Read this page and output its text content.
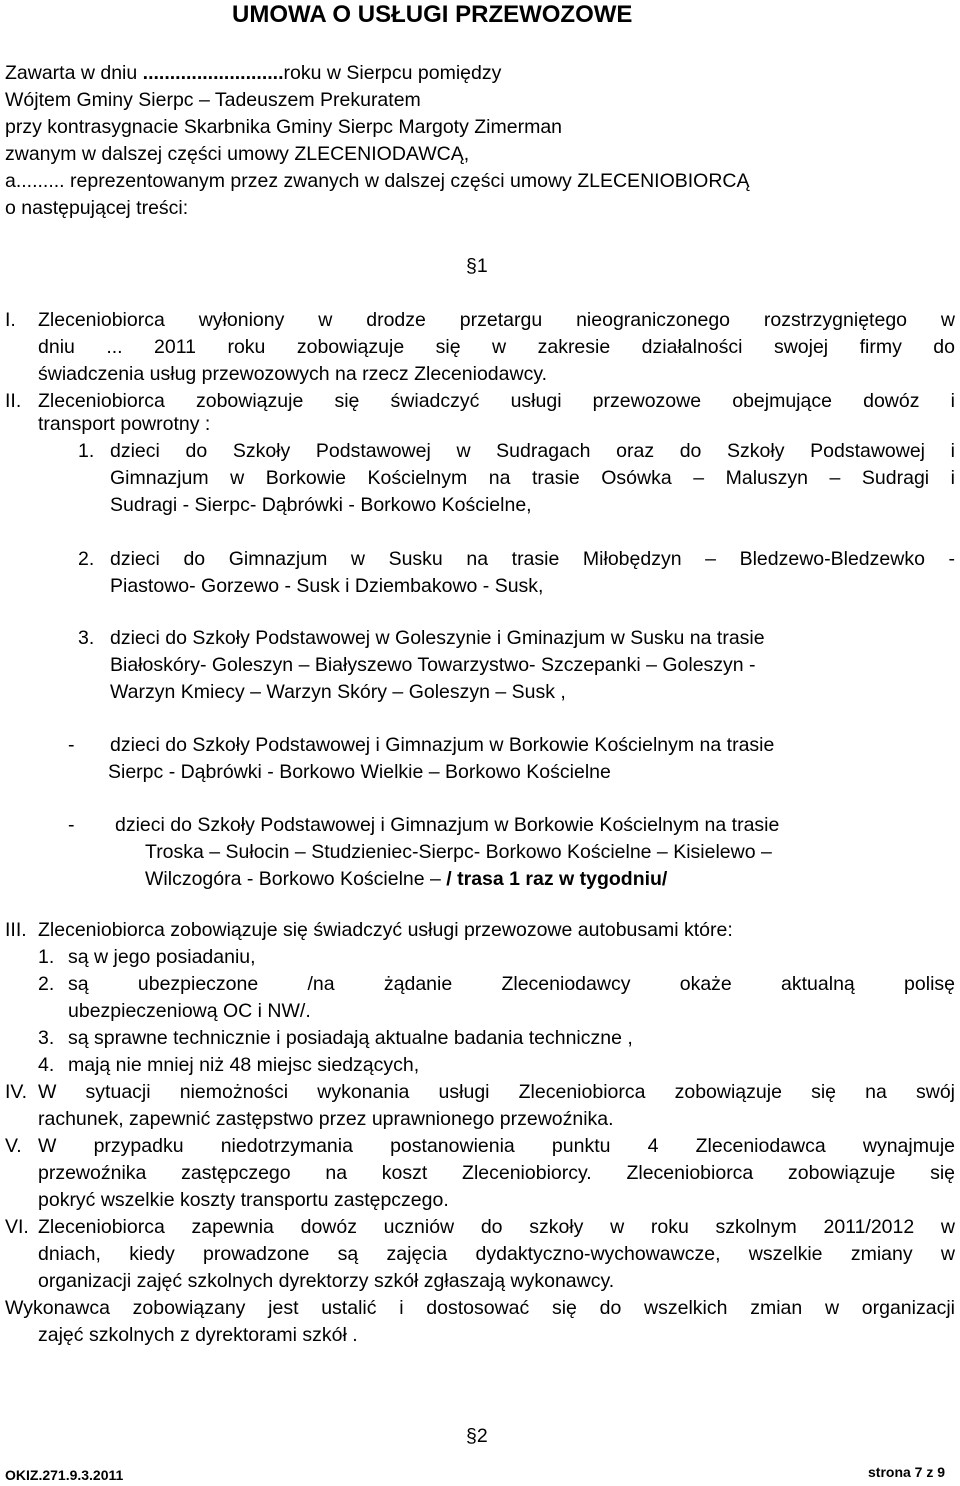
UMOWA O USŁUGI PRZEWOZOWE
Zawarta w dniu ..........................roku w Sierpcu pomiędzy
Wójtem Gminy Sierpc – Tadeuszem Prekuratem
przy kontrasygnacie Skarbnika Gminy Sierpc Margoty Zimerman
zwanym w dalszej części umowy ZLECENIODAWCĄ,
a......... reprezentowanym przez zwanych w dalszej części umowy ZLECENIOBIORCĄ
o następującej treści:
§1
I. Zleceniobiorca wyłoniony w drodze przetargu nieograniczonego rozstrzygniętego w
dniu ... 2011 roku zobowiązuje się w zakresie działalności swojej firmy do
świadczenia usług przewozowych na rzecz Zleceniodawcy.
II. Zleceniobiorca zobowiązuje się świadczyć usługi przewozowe obejmujące dowóz i
transport powrotny :
1. dzieci do Szkoły Podstawowej w Sudragach oraz do Szkoły Podstawowej i
Gimnazjum w Borkowie Kościelnym na trasie Osówka – Maluszyn – Sudragi i
Sudragi - Sierpc- Dąbrówki - Borkowo Kościelne,
2. dzieci do Gimnazjum w Susku na trasie Miłobędzyn – Bledzewo-Bledzewko -
Piastowo- Gorzewo - Susk i Dziembakowo - Susk,
3. dzieci do Szkoły Podstawowej w Goleszynie i Gminazjum w Susku na trasie
Białoskóry- Goleszyn – Białyszewo Towarzystwo- Szczepanki – Goleszyn -
Warzyn Kmiecy – Warzyn Skóry – Goleszyn – Susk ,
- dzieci do Szkoły Podstawowej i Gimnazjum w Borkowie Kościelnym na trasie
Sierpc - Dąbrówki - Borkowo Wielkie – Borkowo Kościelne
- dzieci do Szkoły Podstawowej i Gimnazjum w Borkowie Kościelnym na trasie
Troska – Sułocin – Studzieniec-Sierpc- Borkowo Kościelne – Kisielewo –
Wilczogóra - Borkowo Kościelne – / trasa 1 raz w tygodniu/
III. Zleceniobiorca zobowiązuje się świadczyć usługi przewozowe autobusami które:
1. są w jego posiadaniu,
2. są ubezpieczone /na żądanie Zleceniodawcy okaże aktualną polisę
ubezpieczeniową OC i NW/.
3. są sprawne technicznie i posiadają aktualne badania techniczne ,
4. mają nie mniej niż 48 miejsc siedzących,
IV. W sytuacji niemożności wykonania usługi Zleceniobiorca zobowiązuje się na swój
rachunek, zapewnić zastępstwo przez uprawnionego przewoźnika.
V. W przypadku niedotrzymania postanowienia punktu 4 Zleceniodawca wynajmuje
przewoźnika zastępczego na koszt Zleceniobiorcy. Zleceniobiorca zobowiązuje się
pokryć wszelkie koszty transportu zastępczego.
VI. Zleceniobiorca zapewnia dowóz uczniów do szkoły w roku szkolnym 2011/2012 w
dniach, kiedy prowadzone są zajęcia dydaktyczno-wychowawcze, wszelkie zmiany w
organizacji zajęć szkolnych dyrektorzy szkół zgłaszają wykonawcy.
Wykonawca zobowiązany jest ustalić i dostosować się do wszelkich zmian w organizacji
zajęć szkolnych z dyrektorami szkół .
§2
OKIZ.271.9.3.2011	strona 7 z 9
